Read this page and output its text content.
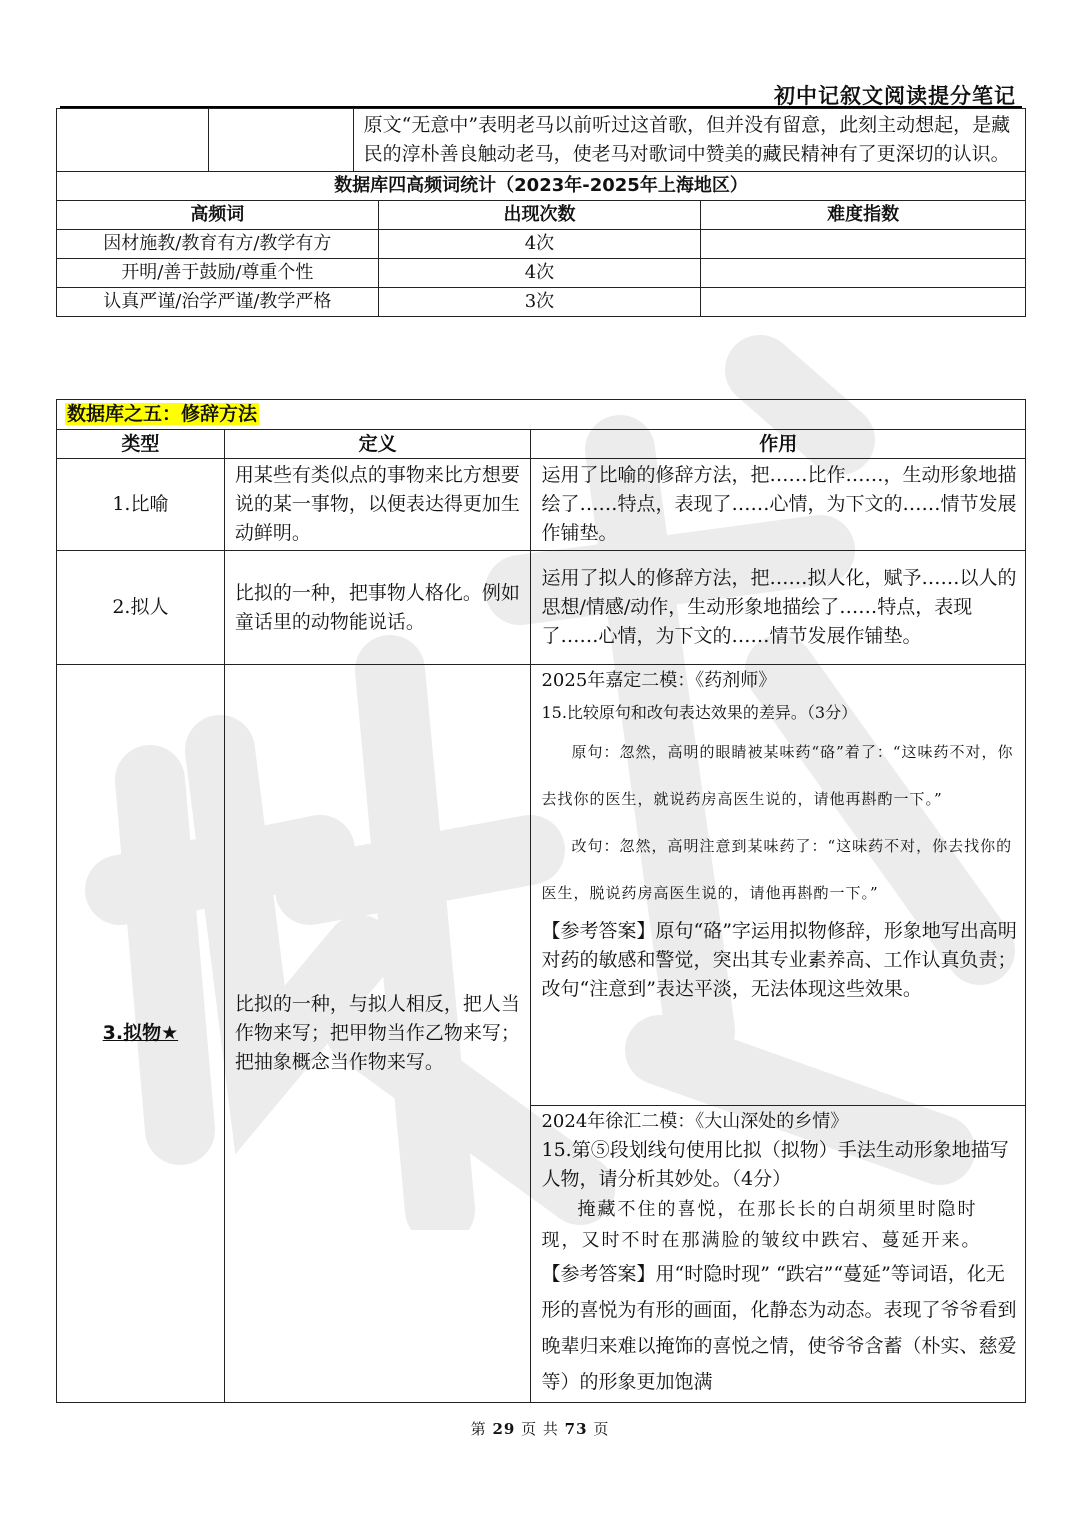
初中记叙文阅读提分笔记
		原文“无意中”表明老马以前听过这首歌，但并没有留意，此刻主动想起，是藏民的淳朴善良触动老马，使老马对歌词中赞美的藏民精神有了更深切的认识。		
数据库四高频词统计（2023年-2025年上海地区）				
高频词			出现次数	难度指数
因材施教/教育有方/教学有方			4次	
开明/善于鼓励/尊重个性			4次	
认真严谨/治学严谨/教学严格			3次	
数据库之五：修辞方法		
类型	定义	作用
1.比喻	用某些有类似点的事物来比方想要说的某一事物，以便表达得更加生动鲜明。	运用了比喻的修辞方法，把……比作……，生动形象地描绘了……特点，表现了……心情，为下文的……情节发展作铺垫。
2.拟人	比拟的一种，把事物人格化。例如童话里的动物能说话。	运用了拟人的修辞方法，把……拟人化，赋予……以人的思想/情感/动作，生动形象地描绘了……特点，表现了……心情，为下文的……情节发展作铺垫。
3.拟物★	比拟的一种，与拟人相反，把人当作物来写；把甲物当作乙物来写；把抽象概念当作物来写。	2025年嘉定二模：《药剂师》
15.比较原句和改句表达效果的差异。（3分）
原句：忽然，高明的眼睛被某味药“硌”着了：“这味药不对，你去找你的医生，就说药房高医生说的，请他再斟酌一下。”
改句：忽然，高明注意到某味药了：“这味药不对，你去找你的医生，脱说药房高医生说的，请他再斟酌一下。”
【参考答案】原句“硌”字运用拟物修辞，形象地写出高明对药的敏感和警觉，突出其专业素养高、工作认真负责；改句“注意到”表达平淡，无法体现这些效果。

		2024年徐汇二模：《大山深处的乡情》
15.第⑤段划线句使用比拟（拟物）手法生动形象地描写人物，请分析其妙处。（4分）
掩藏不住的喜悦，在那长长的白胡须里时隐时现，又时不时在那满脸的皱纹中跌宕、蔓延开来。
【参考答案】用“时隐时现” “跌宕”“蔓延”等词语，化无形的喜悦为有形的画面，化静态为动态。表现了爷爷看到晚辈归来难以掩饰的喜悦之情，使爷爷含蓄（朴实、慈爱等）的形象更加饱满
第 29 页 共 73 页
